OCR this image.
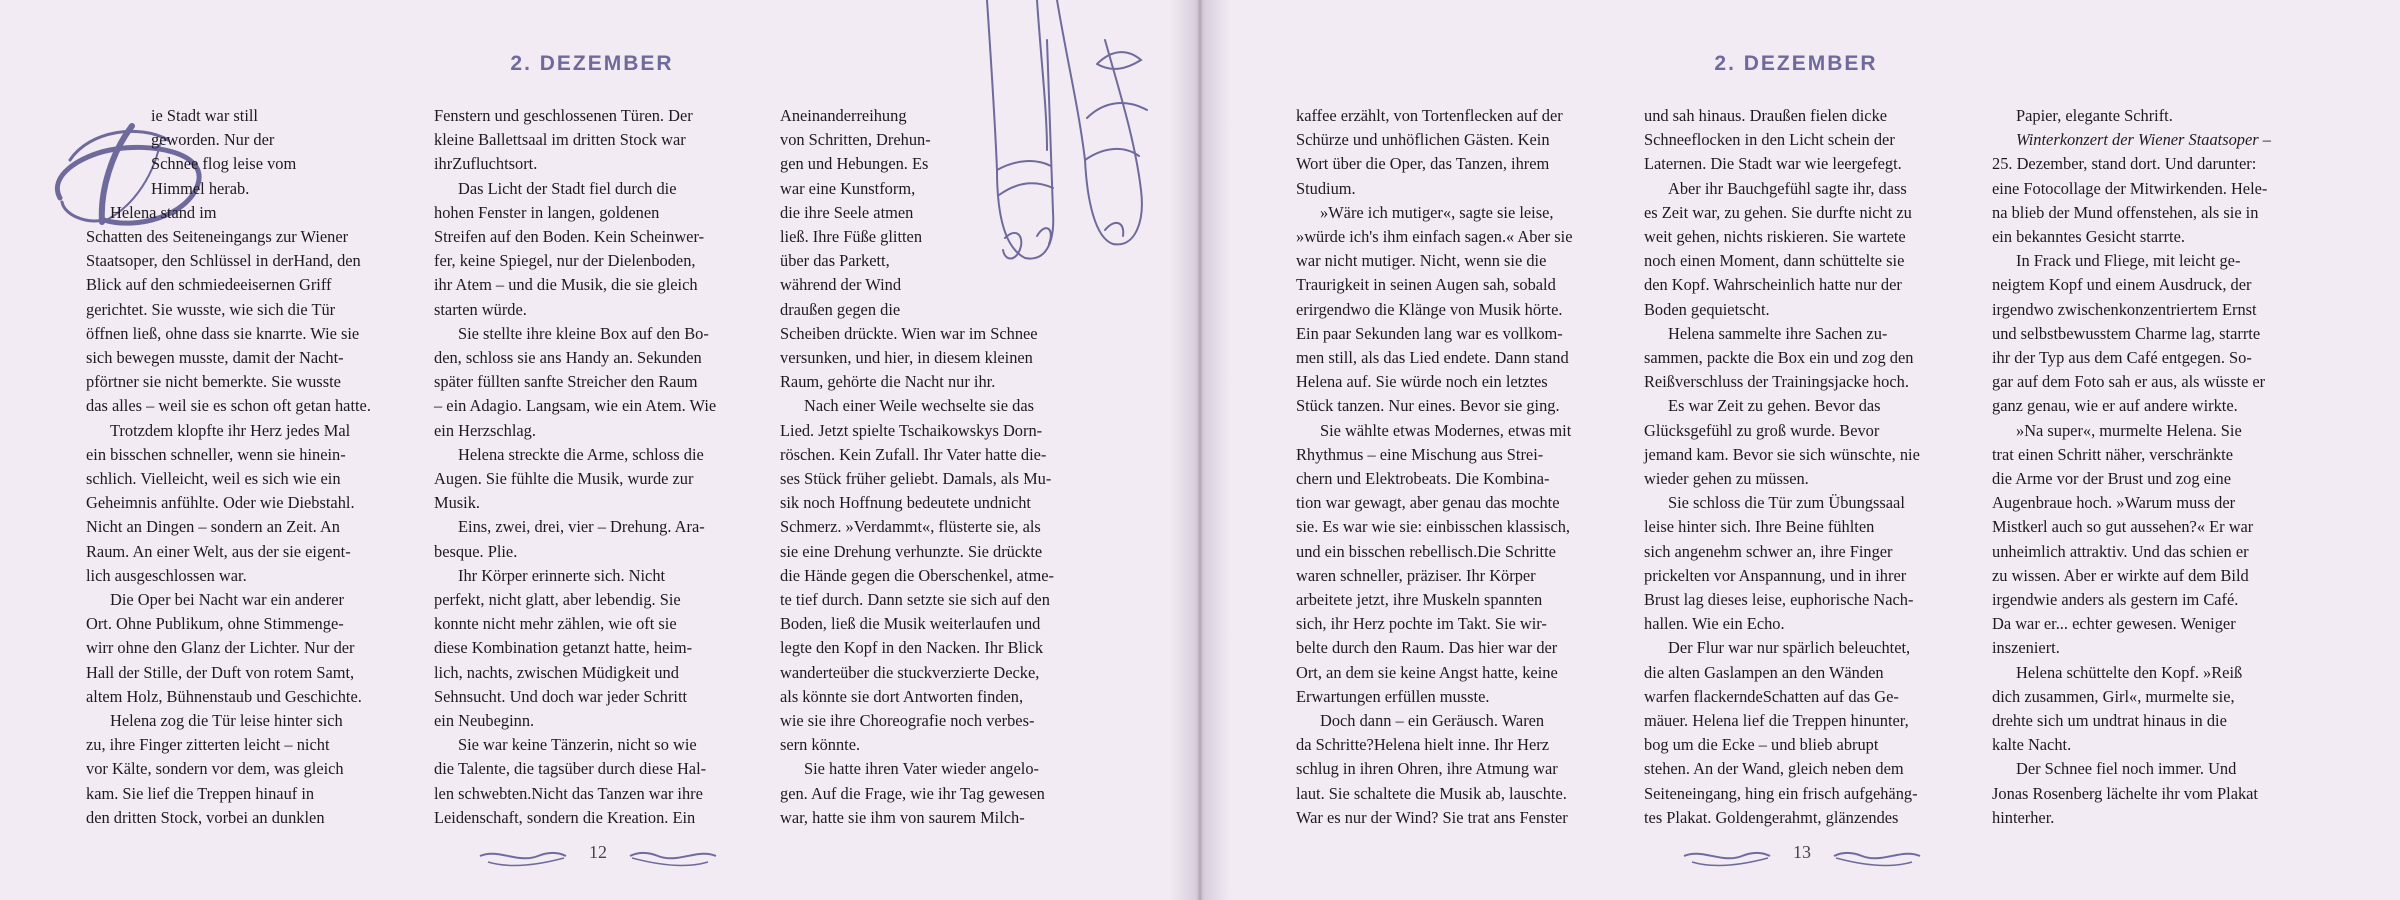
2. DEZEMBER

ie Stadt war still

geworden. Nur der

Schnee flog leise vom

Himmel herab.

Helena stand im

Schatten des Seiteneingangs zur Wiener

Staatsoper, den Schlüssel in derHand, den

Blick auf den schmiedeeisernen Griff

gerichtet. Sie wusste, wie sich die Tür

öffnen ließ, ohne dass sie knarrte. Wie sie

sich bewegen musste, damit der Nacht-

pförtner sie nicht bemerkte. Sie wusste

das alles – weil sie es schon oft getan hatte.

Trotzdem klopfte ihr Herz jedes Mal

ein bisschen schneller, wenn sie hinein-

schlich. Vielleicht, weil es sich wie ein

Geheimnis anfühlte. Oder wie Diebstahl.

Nicht an Dingen – sondern an Zeit. An

Raum. An einer Welt, aus der sie eigent-

lich ausgeschlossen war.

Die Oper bei Nacht war ein anderer

Ort. Ohne Publikum, ohne Stimmenge-

wirr ohne den Glanz der Lichter. Nur der

Hall der Stille, der Duft von rotem Samt,

altem Holz, Bühnenstaub und Geschichte.

Helena zog die Tür leise hinter sich

zu, ihre Finger zitterten leicht – nicht

vor Kälte, sondern vor dem, was gleich

kam. Sie lief die Treppen hinauf in

den dritten Stock, vorbei an dunklen

Fenstern und geschlossenen Türen. Der

kleine Ballettsaal im dritten Stock war

ihrZufluchtsort.

Das Licht der Stadt fiel durch die

hohen Fenster in langen, goldenen

Streifen auf den Boden. Kein Scheinwer-

fer, keine Spiegel, nur der Dielenboden,

ihr Atem – und die Musik, die sie gleich

starten würde.

Sie stellte ihre kleine Box auf den Bo-

den, schloss sie ans Handy an. Sekunden

später füllten sanfte Streicher den Raum

– ein Adagio. Langsam, wie ein Atem. Wie

ein Herzschlag.

Helena streckte die Arme, schloss die

Augen. Sie fühlte die Musik, wurde zur

Musik.

Eins, zwei, drei, vier – Drehung. Ara-

besque. Plie.

Ihr Körper erinnerte sich. Nicht

perfekt, nicht glatt, aber lebendig. Sie

konnte nicht mehr zählen, wie oft sie

diese Kombination getanzt hatte, heim-

lich, nachts, zwischen Müdigkeit und

Sehnsucht. Und doch war jeder Schritt

ein Neubeginn.

Sie war keine Tänzerin, nicht so wie

die Talente, die tagsüber durch diese Hal-

len schwebten.Nicht das Tanzen war ihre

Leidenschaft, sondern die Kreation. Ein

Aneinanderreihung

von Schritten, Drehun-

gen und Hebungen. Es

war eine Kunstform,

die ihre Seele atmen

ließ. Ihre Füße glitten

über das Parkett,

während der Wind

draußen gegen die

Scheiben drückte. Wien war im Schnee

versunken, und hier, in diesem kleinen

Raum, gehörte die Nacht nur ihr.

Nach einer Weile wechselte sie das

Lied. Jetzt spielte Tschaikowskys Dorn-

röschen. Kein Zufall. Ihr Vater hatte die-

ses Stück früher geliebt. Damals, als Mu-

sik noch Hoffnung bedeutete undnicht

Schmerz. »Verdammt«, flüsterte sie, als

sie eine Drehung verhunzte. Sie drückte

die Hände gegen die Oberschenkel, atme-

te tief durch. Dann setzte sie sich auf den

Boden, ließ die Musik weiterlaufen und

legte den Kopf in den Nacken. Ihr Blick

wanderteüber die stuckverzierte Decke,

als könnte sie dort Antworten finden,

wie sie ihre Choreografie noch verbes-

sern könnte.

Sie hatte ihren Vater wieder angelo-

gen. Auf die Frage, wie ihr Tag gewesen

war, hatte sie ihm von saurem Milch-

12
2. DEZEMBER

kaffee erzählt, von Tortenflecken auf der

Schürze und unhöflichen Gästen. Kein

Wort über die Oper, das Tanzen, ihrem

Studium.

»Wäre ich mutiger«, sagte sie leise,

»würde ich's ihm einfach sagen.« Aber sie

war nicht mutiger. Nicht, wenn sie die

Traurigkeit in seinen Augen sah, sobald

erirgendwo die Klänge von Musik hörte.

Ein paar Sekunden lang war es vollkom-

men still, als das Lied endete. Dann stand

Helena auf. Sie würde noch ein letztes

Stück tanzen. Nur eines. Bevor sie ging.

Sie wählte etwas Modernes, etwas mit

Rhythmus – eine Mischung aus Strei-

chern und Elektrobeats. Die Kombina-

tion war gewagt, aber genau das mochte

sie. Es war wie sie: einbisschen klassisch,

und ein bisschen rebellisch.Die Schritte

waren schneller, präziser. Ihr Körper

arbeitete jetzt, ihre Muskeln spannten

sich, ihr Herz pochte im Takt. Sie wir-

belte durch den Raum. Das hier war der

Ort, an dem sie keine Angst hatte, keine

Erwartungen erfüllen musste.

Doch dann – ein Geräusch. Waren

da Schritte?Helena hielt inne. Ihr Herz

schlug in ihren Ohren, ihre Atmung war

laut. Sie schaltete die Musik ab, lauschte.

War es nur der Wind? Sie trat ans Fenster

und sah hinaus. Draußen fielen dicke

Schneeflocken in den Licht schein der

Laternen. Die Stadt war wie leergefegt.

Aber ihr Bauchgefühl sagte ihr, dass

es Zeit war, zu gehen. Sie durfte nicht zu

weit gehen, nichts riskieren. Sie wartete

noch einen Moment, dann schüttelte sie

den Kopf. Wahrscheinlich hatte nur der

Boden gequietscht.

Helena sammelte ihre Sachen zu-

sammen, packte die Box ein und zog den

Reißverschluss der Trainingsjacke hoch.

Es war Zeit zu gehen. Bevor das

Glücksgefühl zu groß wurde. Bevor

jemand kam. Bevor sie sich wünschte, nie

wieder gehen zu müssen.

Sie schloss die Tür zum Übungssaal

leise hinter sich. Ihre Beine fühlten

sich angenehm schwer an, ihre Finger

prickelten vor Anspannung, und in ihrer

Brust lag dieses leise, euphorische Nach-

hallen. Wie ein Echo.

Der Flur war nur spärlich beleuchtet,

die alten Gaslampen an den Wänden

warfen flackerndeSchatten auf das Ge-

mäuer. Helena lief die Treppen hinunter,

bog um die Ecke – und blieb abrupt

stehen. An der Wand, gleich neben dem

Seiteneingang, hing ein frisch aufgehäng-

tes Plakat. Goldengerahmt, glänzendes

Papier, elegante Schrift.

Winterkonzert der Wiener Staatsoper –

25. Dezember, stand dort. Und darunter:

eine Fotocollage der Mitwirkenden. Hele-

na blieb der Mund offenstehen, als sie in

ein bekanntes Gesicht starrte.

In Frack und Fliege, mit leicht ge-

neigtem Kopf und einem Ausdruck, der

irgendwo zwischenkonzentriertem Ernst

und selbstbewusstem Charme lag, starrte

ihr der Typ aus dem Café entgegen. So-

gar auf dem Foto sah er aus, als wüsste er

ganz genau, wie er auf andere wirkte.

»Na super«, murmelte Helena. Sie

trat einen Schritt näher, verschränkte

die Arme vor der Brust und zog eine

Augenbraue hoch. »Warum muss der

Mistkerl auch so gut aussehen?« Er war

unheimlich attraktiv. Und das schien er

zu wissen. Aber er wirkte auf dem Bild

irgendwie anders als gestern im Café.

Da war er... echter gewesen. Weniger

inszeniert.

Helena schüttelte den Kopf. »Reiß

dich zusammen, Girl«, murmelte sie,

drehte sich um undtrat hinaus in die

kalte Nacht.

Der Schnee fiel noch immer. Und

Jonas Rosenberg lächelte ihr vom Plakat

hinterher.

13
